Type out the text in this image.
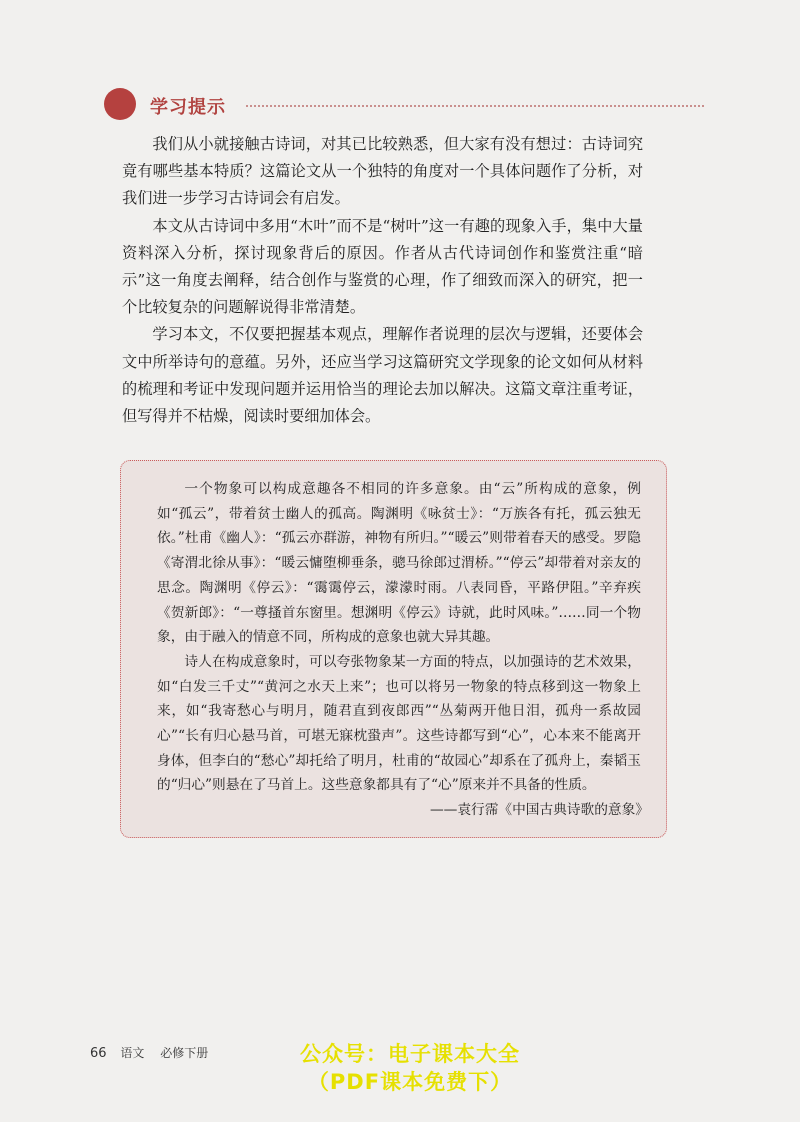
学习提示

我们从小就接触古诗词，对其已比较熟悉，但大家有没有想过：古诗词究竟有哪些基本特质？这篇论文从一个独特的角度对一个具体问题作了分析，对我们进一步学习古诗词会有启发。

本文从古诗词中多用“木叶”而不是“树叶”这一有趣的现象入手，集中大量资料深入分析，探讨现象背后的原因。作者从古代诗词创作和鉴赏注重“暗示”这一角度去阐释，结合创作与鉴赏的心理，作了细致而深入的研究，把一个比较复杂的问题解说得非常清楚。

学习本文，不仅要把握基本观点，理解作者说理的层次与逻辑，还要体会文中所举诗句的意蕴。另外，还应当学习这篇研究文学现象的论文如何从材料的梳理和考证中发现问题并运用恰当的理论去加以解决。这篇文章注重考证，但写得并不枯燥，阅读时要细加体会。

一个物象可以构成意趣各不相同的许多意象。由“云”所构成的意象，例如“孤云”，带着贫士幽人的孤高。陶渊明《咏贫士》：“万族各有托，孤云独无依。”杜甫《幽人》：“孤云亦群游，神物有所归。”“暖云”则带着春天的感受。罗隐《寄渭北徐从事》：“暖云慵堕柳垂条，骢马徐郎过渭桥。”“停云”却带着对亲友的思念。陶渊明《停云》：“霭霭停云，濛濛时雨。八表同昏，平路伊阻。”辛弃疾《贺新郎》：“一尊搔首东窗里。想渊明《停云》诗就，此时风味。”……同一个物象，由于融入的情意不同，所构成的意象也就大异其趣。

诗人在构成意象时，可以夸张物象某一方面的特点，以加强诗的艺术效果，如“白发三千丈”“黄河之水天上来”；也可以将另一物象的特点移到这一物象上来，如“我寄愁心与明月，随君直到夜郎西”“丛菊两开他日泪，孤舟一系故园心”“长有归心悬马首，可堪无寐枕蛩声”。这些诗都写到“心”，心本来不能离开身体，但李白的“愁心”却托给了明月，杜甫的“故园心”却系在了孤舟上，秦韬玉的“归心”则悬在了马首上。这些意象都具有了“心”原来并不具备的性质。

——袁行霈《中国古典诗歌的意象》

66 语文 必修下册	公众号：电子课本大全
（PDF课本免费下）
